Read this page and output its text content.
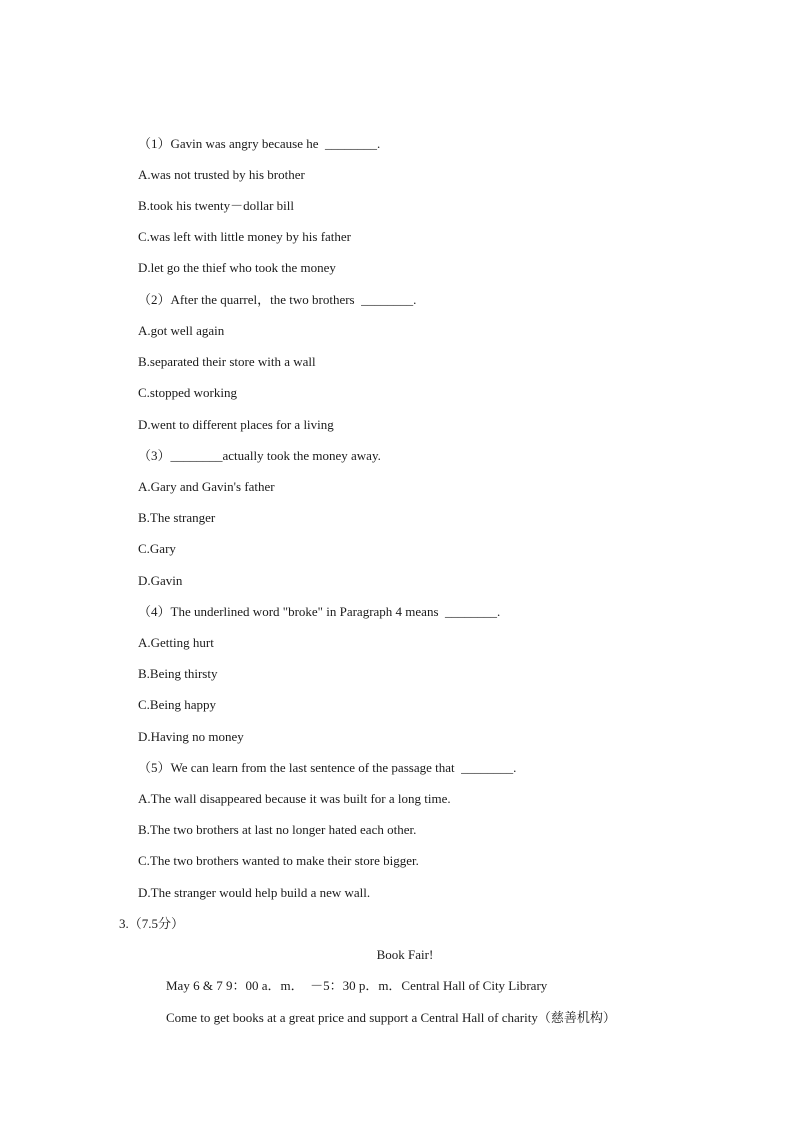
（1）Gavin was angry because he  ________.
A.was not trusted by his brother
B.took his twenty－dollar bill
C.was left with little money by his father
D.let go the thief who took the money
（2）After the quarrel，the two brothers  ________.
A.got well again
B.separated their store with a wall
C.stopped working
D.went to different places for a living
（3）________actually took the money away.
A.Gary and Gavin's father
B.The stranger
C.Gary
D.Gavin
（4）The underlined word "broke" in Paragraph 4 means  ________.
A.Getting hurt
B.Being thirsty
C.Being happy
D.Having no money
（5）We can learn from the last sentence of the passage that  ________.
A.The wall disappeared because it was built for a long time.
B.The two brothers at last no longer hated each other.
C.The two brothers wanted to make their store bigger.
D.The stranger would help build a new wall.
3.（7.5分）
Book Fair!
May 6 & 7 9：00 a．m．  －5：30 p．m．Central Hall of City Library
Come to get books at a great price and support a Central Hall of charity（慈善机构）
